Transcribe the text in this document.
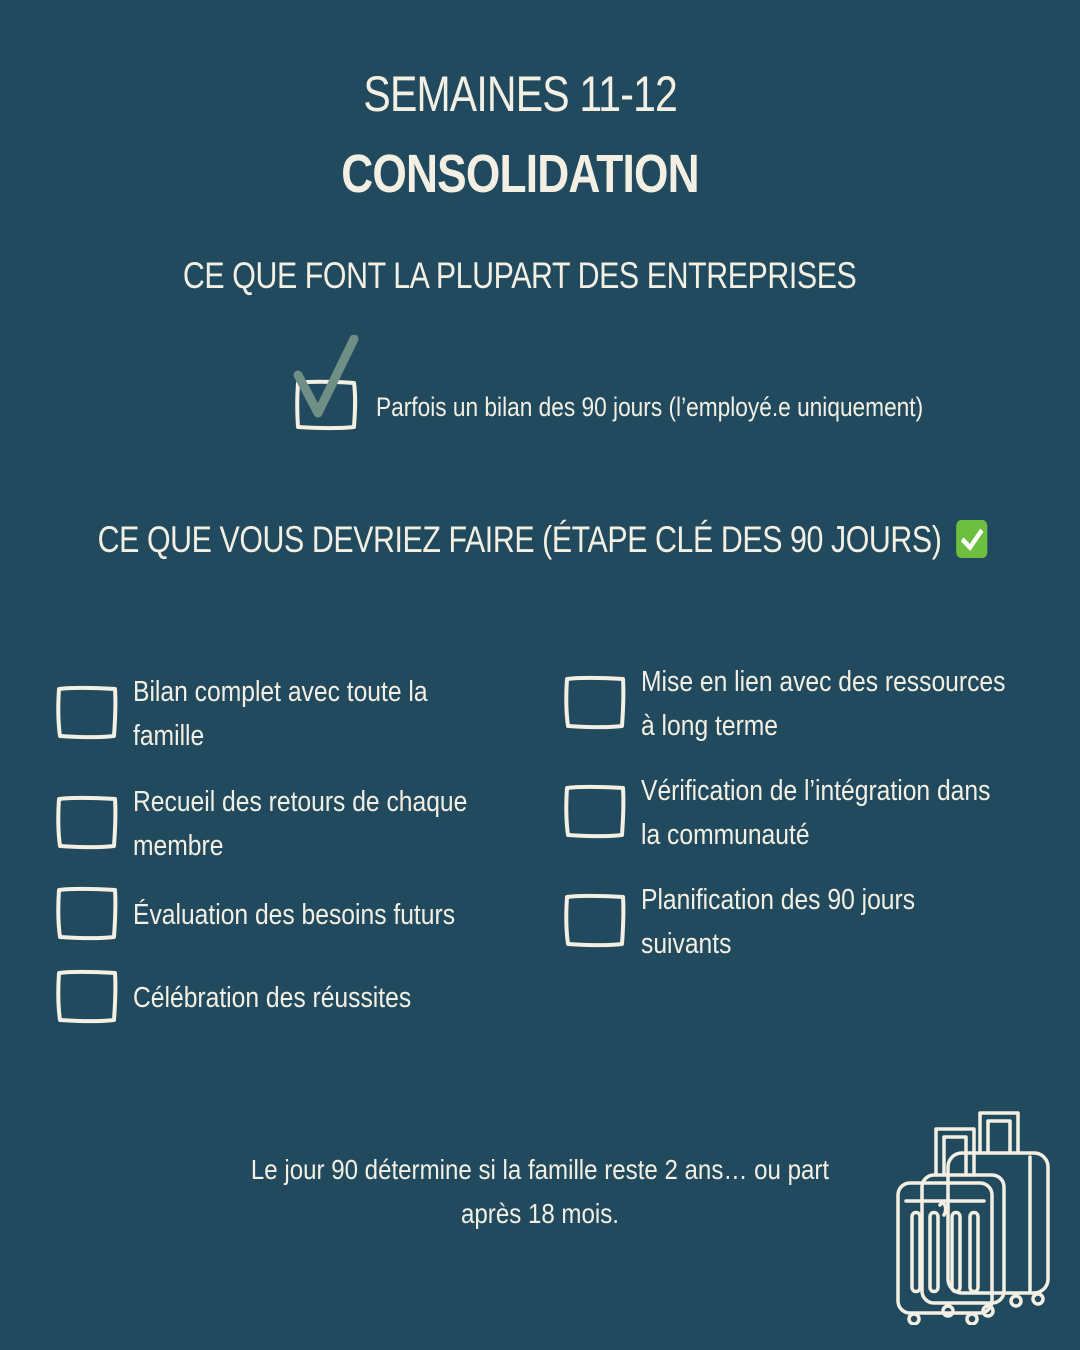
SEMAINES 11-12
CONSOLIDATION
CE QUE FONT LA PLUPART DES ENTREPRISES
Parfois un bilan des 90 jours (l’employé.e uniquement)
CE QUE VOUS DEVRIEZ FAIRE (ÉTAPE CLÉ DES 90 JOURS)
Bilan complet avec toute la famille
Recueil des retours de chaque membre
Évaluation des besoins futurs
Célébration des réussites
Mise en lien avec des ressources à long terme
Vérification de l’intégration dans la communauté
Planification des 90 jours suivants
Le jour 90 détermine si la famille reste 2 ans… ou part après 18 mois.
